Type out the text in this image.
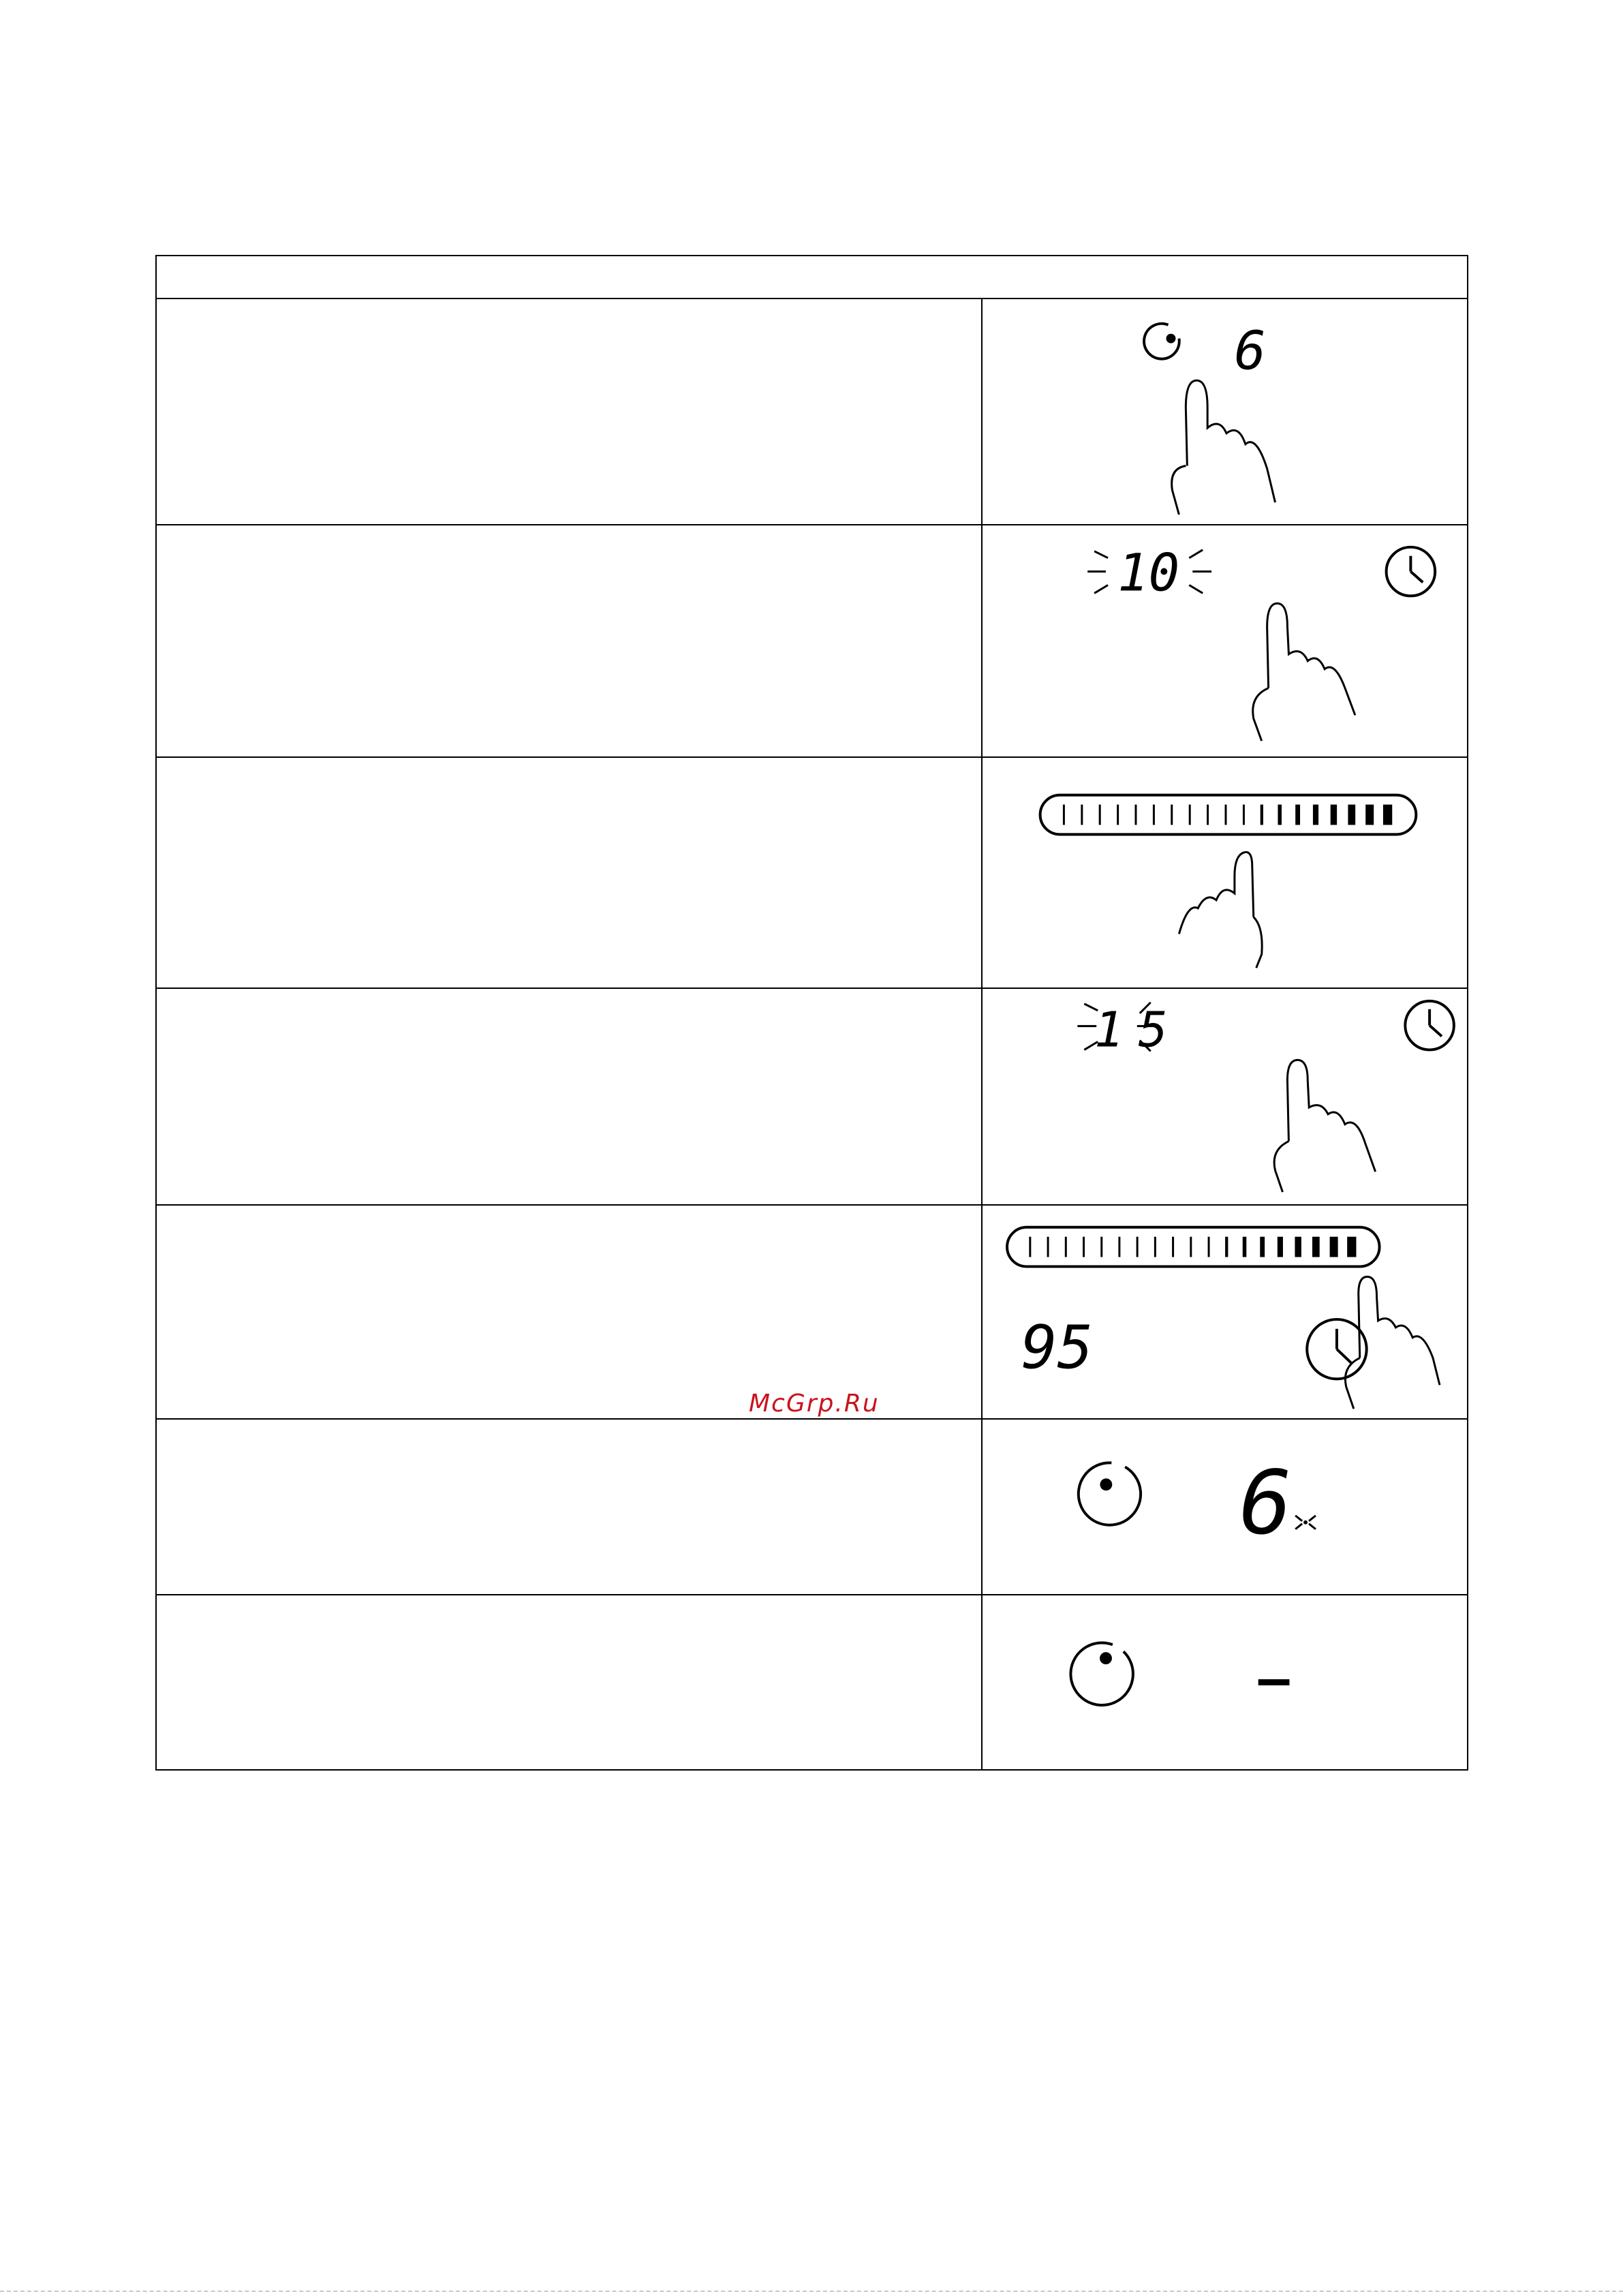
6
10
15
95
McGrp.Ru
6
